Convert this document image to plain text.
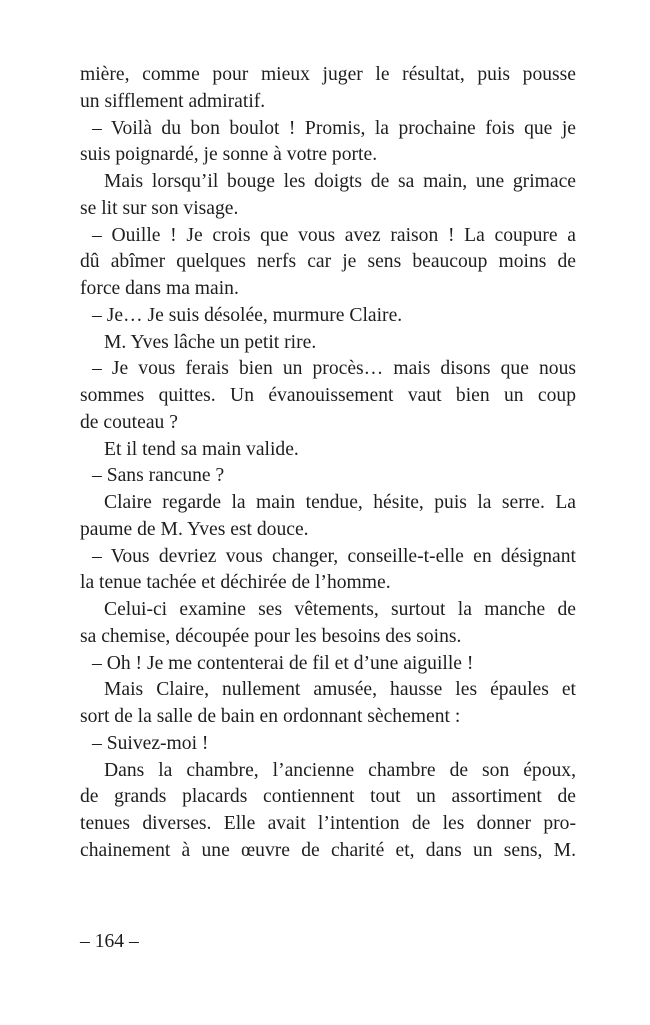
mière, comme pour mieux juger le résultat, puis pousse
un sifflement admiratif.
– Voilà du bon boulot ! Promis, la prochaine fois que je
suis poignardé, je sonne à votre porte.
Mais lorsqu’il bouge les doigts de sa main, une grimace
se lit sur son visage.
– Ouille ! Je crois que vous avez raison ! La coupure a
dû abîmer quelques nerfs car je sens beaucoup moins de
force dans ma main.
– Je… Je suis désolée, murmure Claire.
M. Yves lâche un petit rire.
– Je vous ferais bien un procès… mais disons que nous
sommes quittes. Un évanouissement vaut bien un coup
de couteau ?
Et il tend sa main valide.
– Sans rancune ?
Claire regarde la main tendue, hésite, puis la serre. La
paume de M. Yves est douce.
– Vous devriez vous changer, conseille-t-elle en désignant
la tenue tachée et déchirée de l’homme.
Celui-ci examine ses vêtements, surtout la manche de
sa chemise, découpée pour les besoins des soins.
– Oh ! Je me contenterai de fil et d’une aiguille !
Mais Claire, nullement amusée, hausse les épaules et
sort de la salle de bain en ordonnant sèchement :
– Suivez-moi !
Dans la chambre, l’ancienne chambre de son époux,
de grands placards contiennent tout un assortiment de
tenues diverses. Elle avait l’intention de les donner pro-
chainement à une œuvre de charité et, dans un sens, M.
– 164 –
